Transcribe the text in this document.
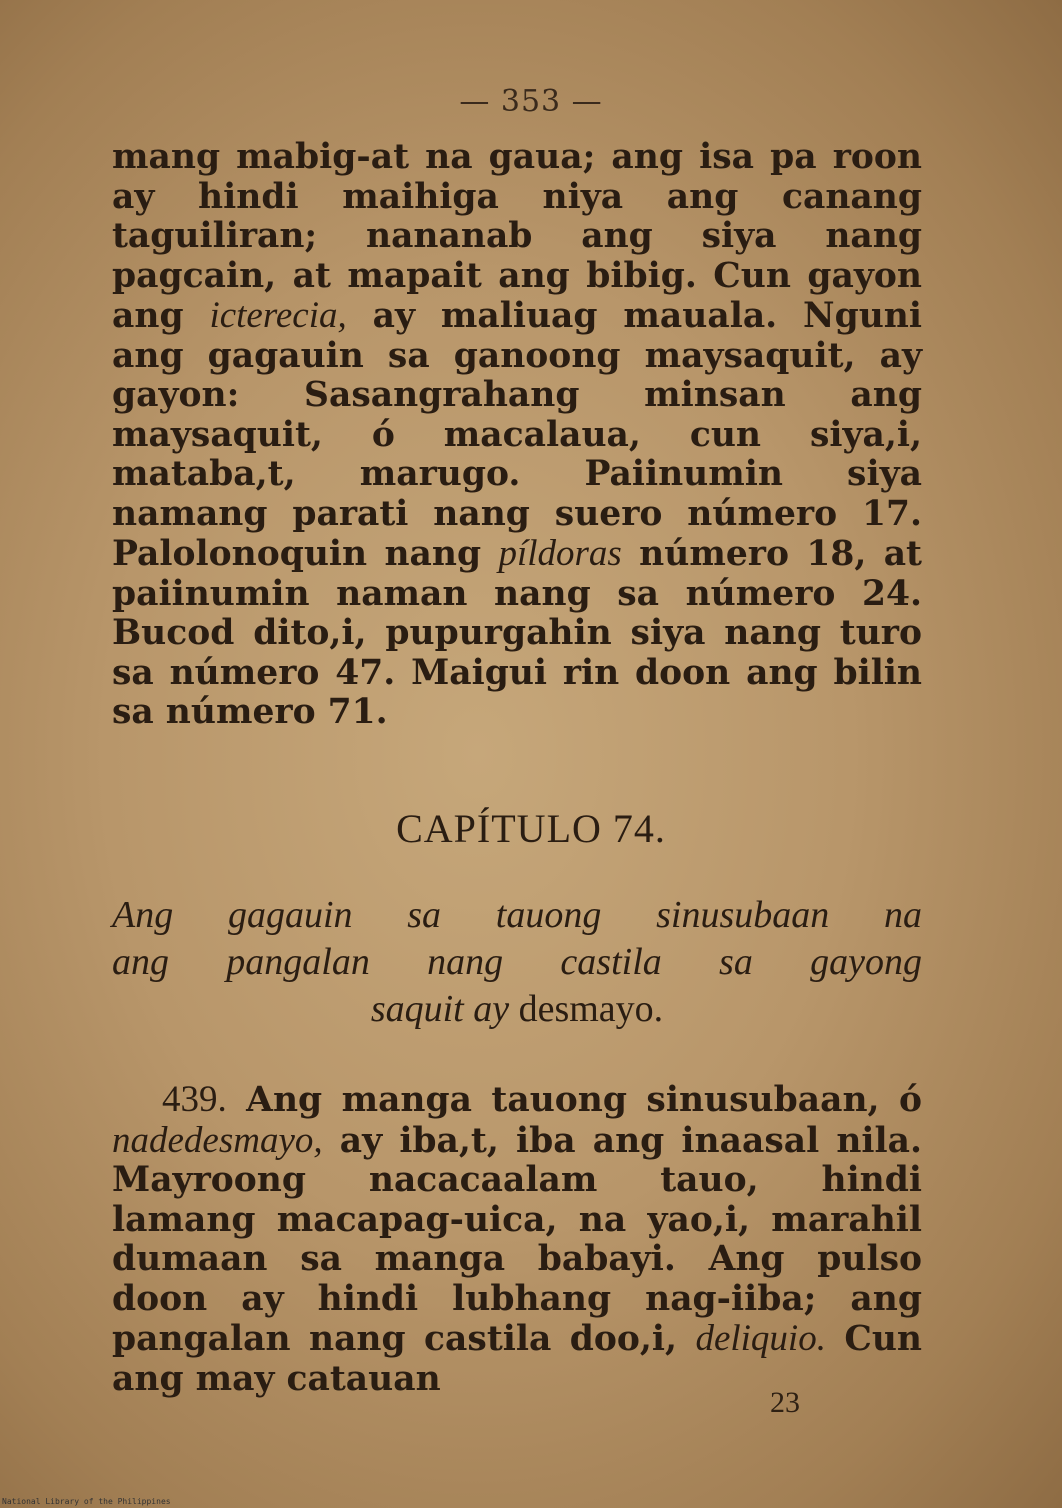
— 353 —

mang mabig-at na gaua; ang isa pa roon ay hindi maihiga niya ang canang taguiliran; nananab ang siya nang pagcain, at mapait ang bibig. Cun gayon ang icterecia, ay maliuag mauala. Nguni ang gagauin sa ganoong maysaquit, ay gayon: Sasangrahang minsan ang maysaquit, ó macalaua, cun siya,i, mataba,t, marugo. Paiinumin siya namang parati nang suero número 17. Palolonoquin nang píldoras número 18, at paiinumin naman nang sa número 24. Bucod dito,i, pupurgahin siya nang turo sa número 47. Maigui rin doon ang bilin sa número 71.

CAPÍTULO 74.
Ang gagauin sa tauong sinusubaan na
ang pangalan nang castila sa gayong
saquit ay desmayo.

439. Ang manga tauong sinusubaan, ó nadedesmayo, ay iba,t, iba ang inaasal nila. Mayroong nacacaalam tauo, hindi lamang macapag-uica, na yao,i, marahil dumaan sa manga babayi. Ang pulso doon ay hindi lubhang nag-iiba; ang pangalan nang castila doo,i, deliquio. Cun ang may catauan

23
National Library of the Philippines
